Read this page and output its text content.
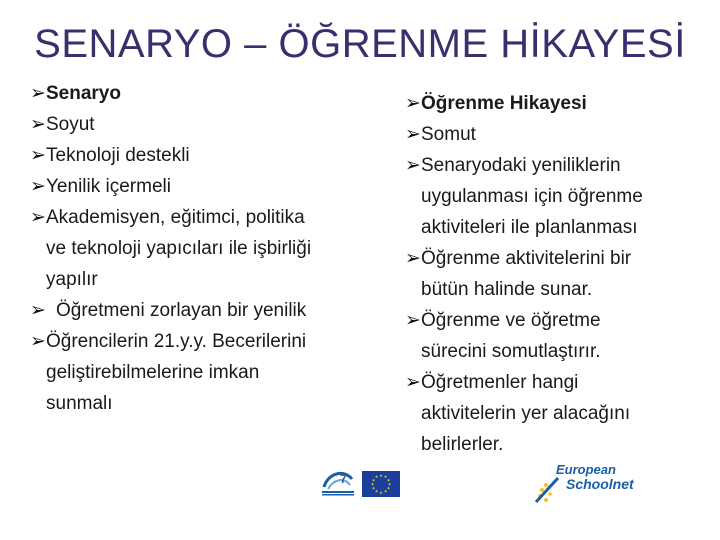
SENARYO – ÖĞRENME HİKAYESİ
➢ Senaryo
➢ Soyut
➢ Teknoloji destekli
➢ Yenilik içermeli
➢ Akademisyen, eğitimci, politika
ve teknoloji yapıcıları ile işbirliği
yapılır
➢ Öğretmeni zorlayan bir yenilik
➢ Öğrencilerin 21.y.y. Becerilerini
geliştirebilmelerine imkan
sunmalı
➢ Öğrenme Hikayesi
➢ Somut
➢ Senaryodaki yeniliklerin
uygulanması için öğrenme
aktiviteleri ile planlanması
➢ Öğrenme aktivitelerini bir
bütün halinde sunar.
➢ Öğrenme ve öğretme
sürecini somutlaştırır.
➢ Öğretmenler hangi
aktivitelerin yer alacağını
belirlerler.
7	★ ★
★
★
★
★
★
★
★
★
★
★	European
Schoolnet
